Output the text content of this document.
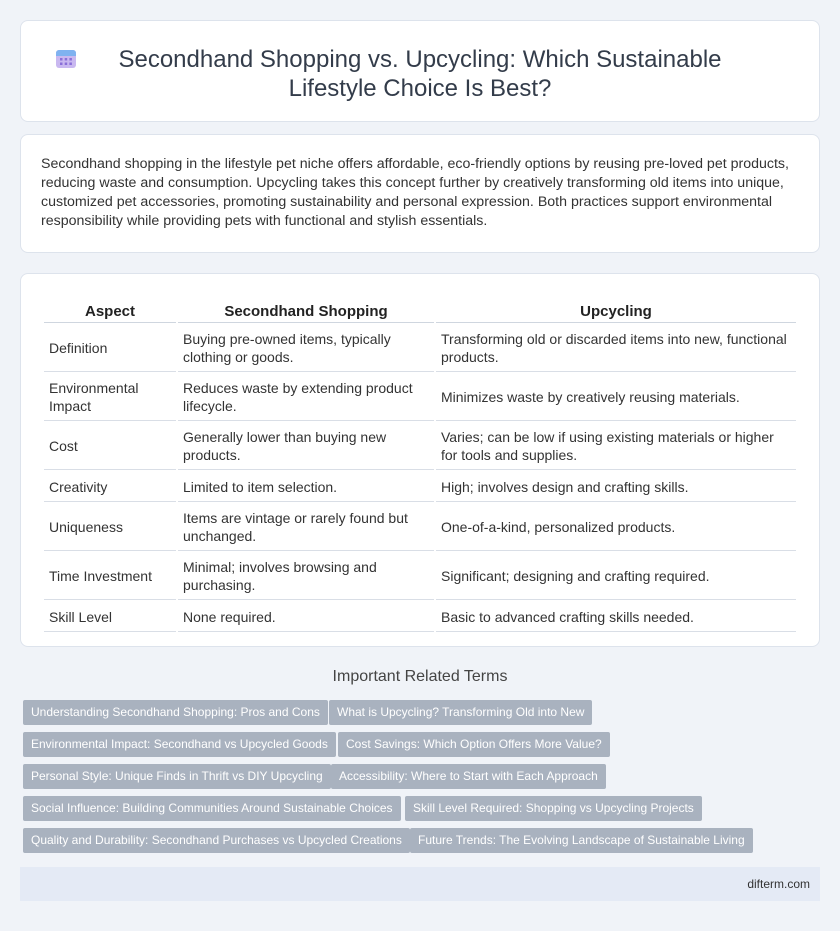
Secondhand Shopping vs. Upcycling: Which Sustainable Lifestyle Choice Is Best?

Secondhand shopping in the lifestyle pet niche offers affordable, eco-friendly options by reusing pre-loved pet products, reducing waste and consumption. Upcycling takes this concept further by creatively transforming old items into unique, customized pet accessories, promoting sustainability and personal expression. Both practices support environmental responsibility while providing pets with functional and stylish essentials.

Aspect	Secondhand Shopping	Upcycling
Definition	Buying pre-owned items, typically clothing or goods.	Transforming old or discarded items into new, functional products.
Environmental Impact	Reduces waste by extending product lifecycle.	Minimizes waste by creatively reusing materials.
Cost	Generally lower than buying new products.	Varies; can be low if using existing materials or higher for tools and supplies.
Creativity	Limited to item selection.	High; involves design and crafting skills.
Uniqueness	Items are vintage or rarely found but unchanged.	One-of-a-kind, personalized products.
Time Investment	Minimal; involves browsing and purchasing.	Significant; designing and crafting required.
Skill Level	None required.	Basic to advanced crafting skills needed.
Important Related Terms
Understanding Secondhand Shopping: Pros and Cons	What is Upcycling? Transforming Old into New
Environmental Impact: Secondhand vs Upcycled Goods	Cost Savings: Which Option Offers More Value?
Personal Style: Unique Finds in Thrift vs DIY Upcycling	Accessibility: Where to Start with Each Approach
Social Influence: Building Communities Around Sustainable Choices	Skill Level Required: Shopping vs Upcycling Projects
Quality and Durability: Secondhand Purchases vs Upcycled Creations	Future Trends: The Evolving Landscape of Sustainable Living
difterm.com
